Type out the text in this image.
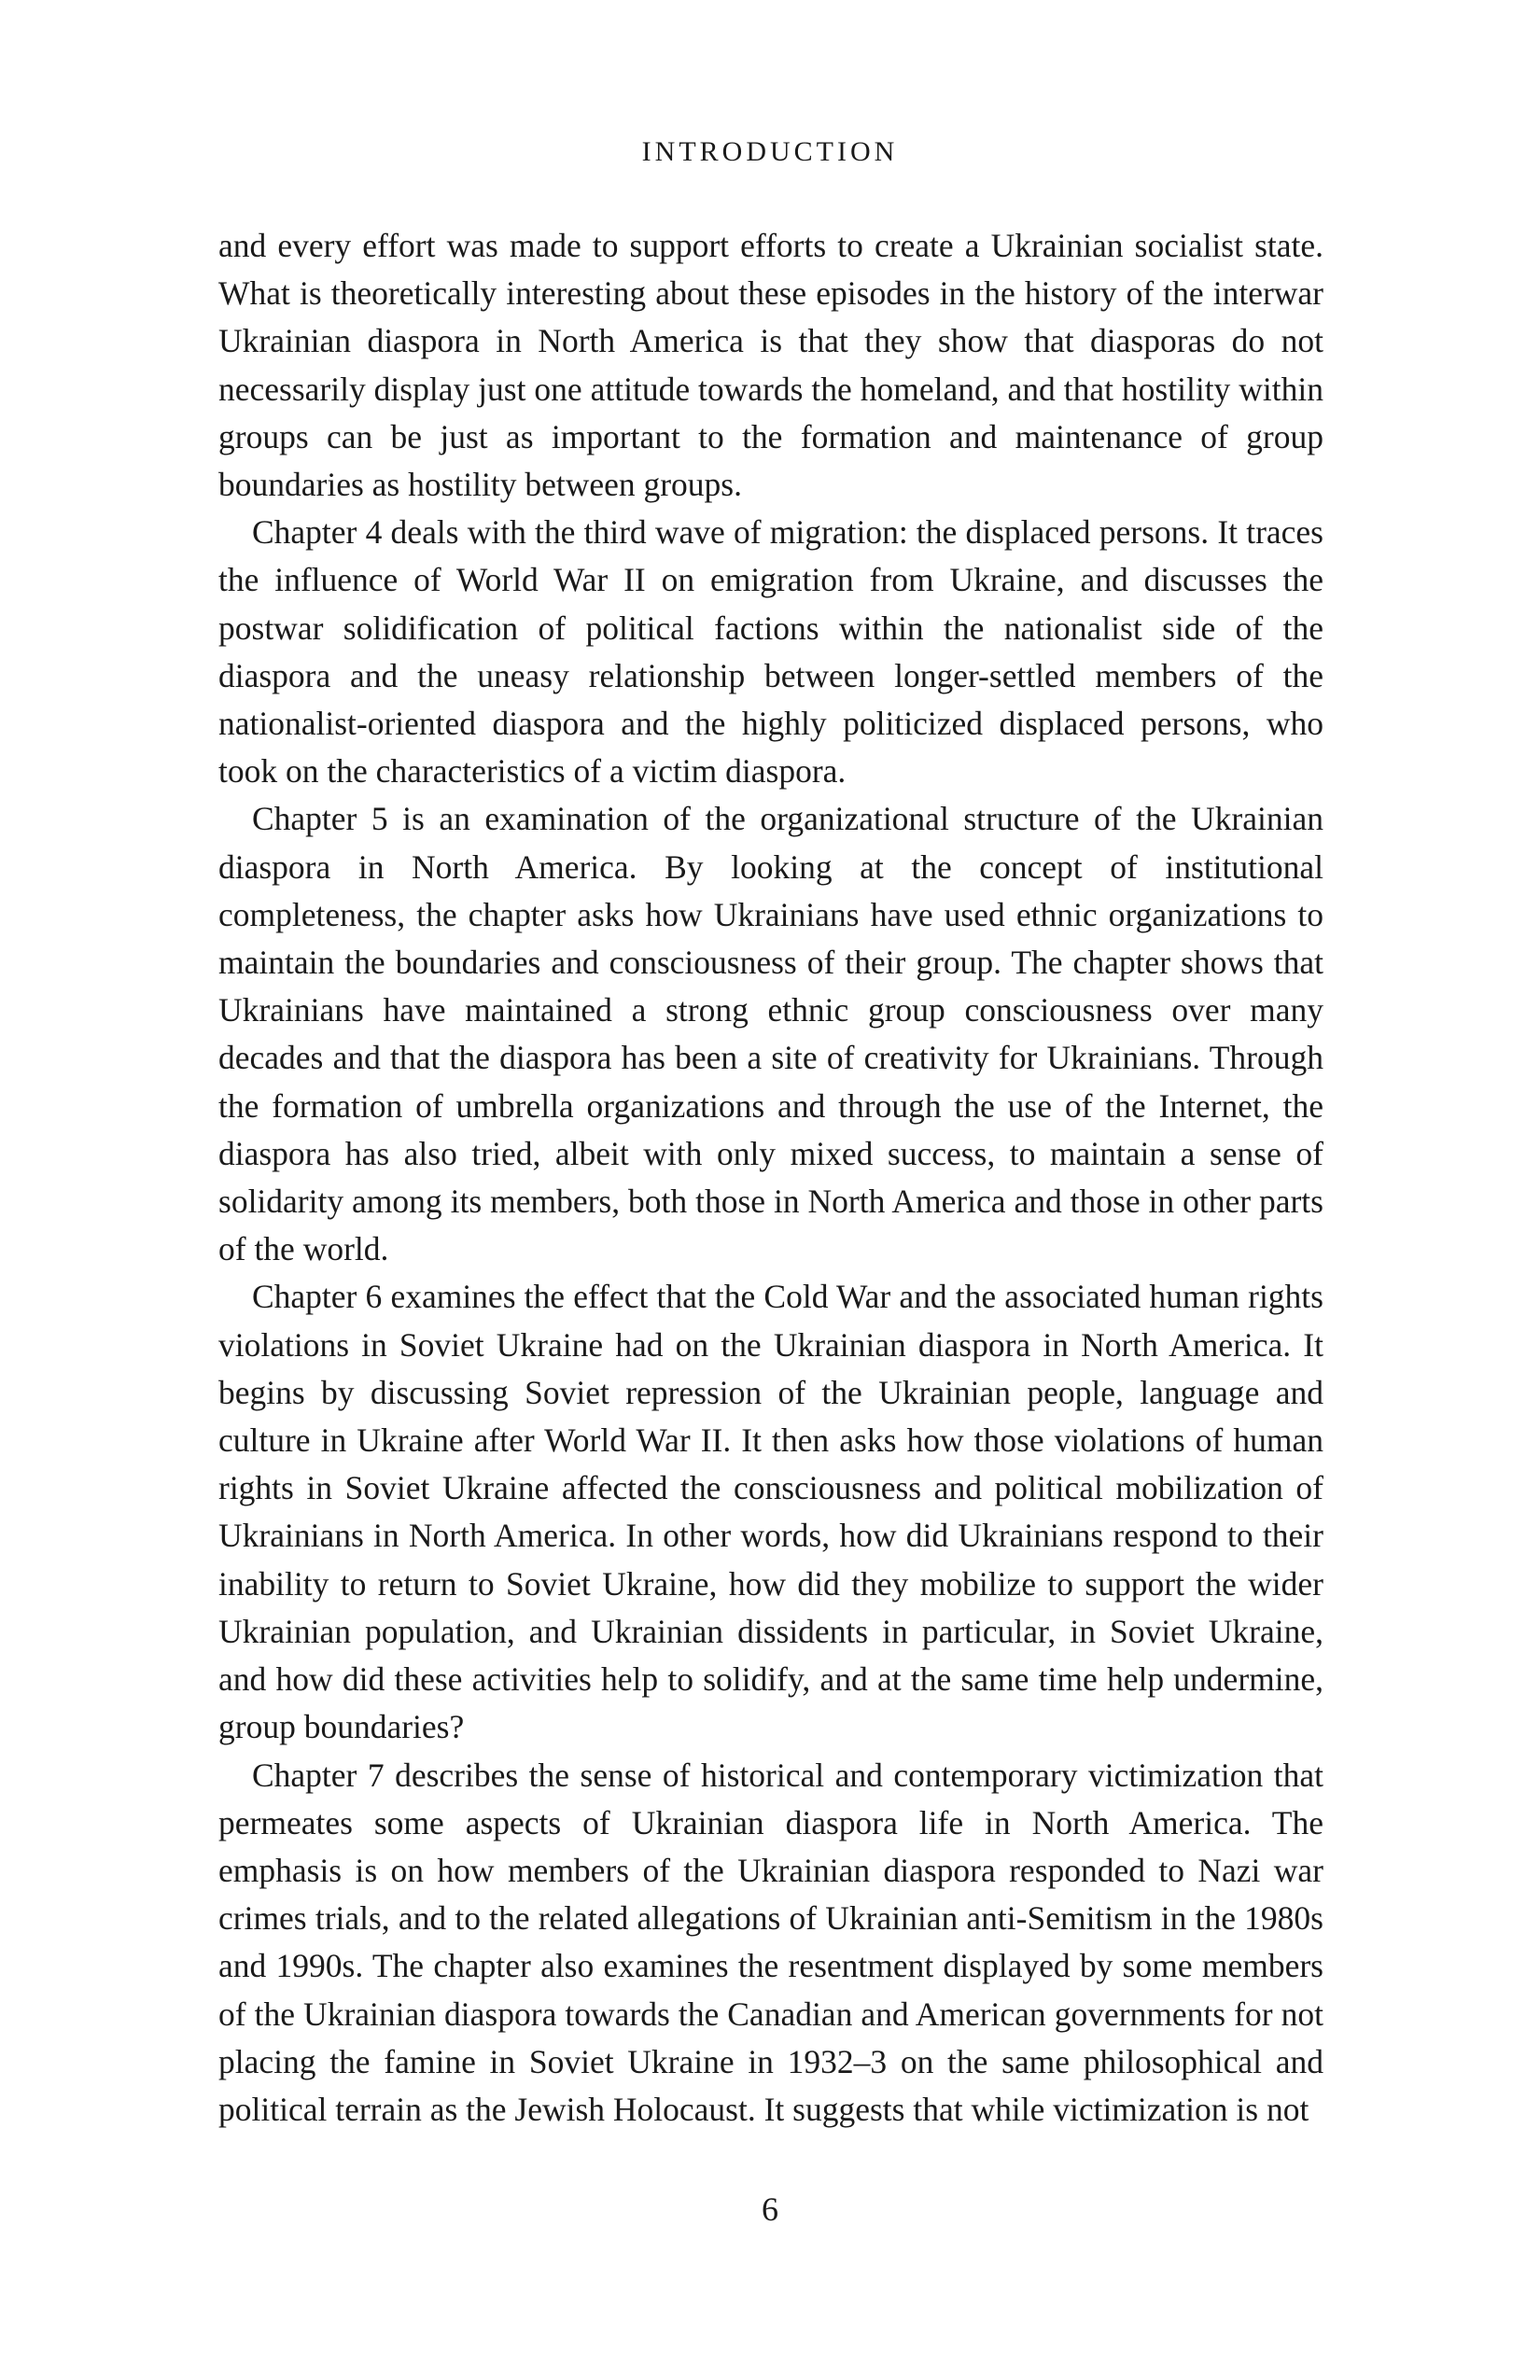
INTRODUCTION

and every effort was made to support efforts to create a Ukrainian socialist state. What is theoretically interesting about these episodes in the history of the interwar Ukrainian diaspora in North America is that they show that diasporas do not necessarily display just one attitude towards the homeland, and that hostility within groups can be just as important to the formation and maintenance of group boundaries as hostility between groups.

Chapter 4 deals with the third wave of migration: the displaced persons. It traces the influence of World War II on emigration from Ukraine, and discusses the postwar solidification of political factions within the nationalist side of the diaspora and the uneasy relationship between longer-settled members of the nationalist-oriented diaspora and the highly politicized displaced persons, who took on the characteristics of a victim diaspora.

Chapter 5 is an examination of the organizational structure of the Ukrainian diaspora in North America. By looking at the concept of institutional completeness, the chapter asks how Ukrainians have used ethnic organizations to maintain the boundaries and consciousness of their group. The chapter shows that Ukrainians have maintained a strong ethnic group consciousness over many decades and that the diaspora has been a site of creativity for Ukrainians. Through the formation of umbrella organizations and through the use of the Internet, the diaspora has also tried, albeit with only mixed success, to maintain a sense of solidarity among its members, both those in North America and those in other parts of the world.

Chapter 6 examines the effect that the Cold War and the associated human rights violations in Soviet Ukraine had on the Ukrainian diaspora in North America. It begins by discussing Soviet repression of the Ukrainian people, language and culture in Ukraine after World War II. It then asks how those violations of human rights in Soviet Ukraine affected the consciousness and political mobilization of Ukrainians in North America. In other words, how did Ukrainians respond to their inability to return to Soviet Ukraine, how did they mobilize to support the wider Ukrainian population, and Ukrainian dissidents in particular, in Soviet Ukraine, and how did these activities help to solidify, and at the same time help undermine, group boundaries?

Chapter 7 describes the sense of historical and contemporary victimization that permeates some aspects of Ukrainian diaspora life in North America. The emphasis is on how members of the Ukrainian diaspora responded to Nazi war crimes trials, and to the related allegations of Ukrainian anti-Semitism in the 1980s and 1990s. The chapter also examines the resentment displayed by some members of the Ukrainian diaspora towards the Canadian and American governments for not placing the famine in Soviet Ukraine in 1932–3 on the same philosophical and political terrain as the Jewish Holocaust. It suggests that while victimization is not

6
